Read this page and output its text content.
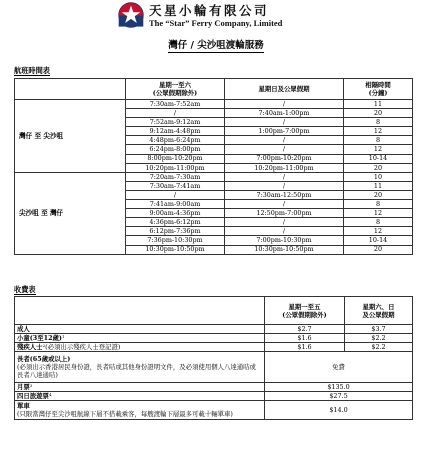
天星小輪有限公司
The “Star” Ferry Company, Limited
灣仔 / 尖沙咀渡輪服務
航班時間表
	星期一至六
(公眾假期除外)	星期日及公眾假期	相隔時間
(分鐘)
灣仔 至 尖沙咀	7:30am-7:52am	/	11
	/	7:40am-1:00pm	20
	7:52am-9:12am	/	8
	9:12am-4:48pm	1:00pm-7:00pm	12
	4:48pm-6:24pm	/	8
	6:24pm-8:00pm	/	12
	8:00pm-10:20pm	7:00pm-10:20pm	10-14
	10:20pm-11:00pm	10:20pm-11:00pm	20
尖沙咀 至 灣仔	7:20am-7:30am	/	10
	7:30am-7:41am	/	11
	/	7:30am-12:50pm	20
	7:41am-9:00am	/	8
	9:00am-4:36pm	12:50pm-7:00pm	12
	4:36pm-6:12pm	/	8
	6:12pm-7:36pm	/	12
	7:36pm-10:30pm	7:00pm-10:30pm	10-14
	10:30pm-10:50pm	10:30pm-10:50pm	20
收費表
	星期一至五
(公眾假期除外)	星期六、日
及公眾假期
成人	$2.7	$3.7
小童(3至12歲)$^1$	$1.6	$2.2
殘疾人士$^2$(必須出示殘疾人士登記證)	$1.6	$2.2
長者(65歲或以上)
(必須出示香港居民身份證，長者咭或其他身份證明文件，及必須使用個人八達通咭或長者八達通咭)	免費	
月票$^3$	$135.0	
四日旅遊票$^4$	$27.5	
單車
(只限當灣仔至尖沙咀航線下層不搭載乘客，每艘渡輪下層最多可載十輛單車)	$14.0	
